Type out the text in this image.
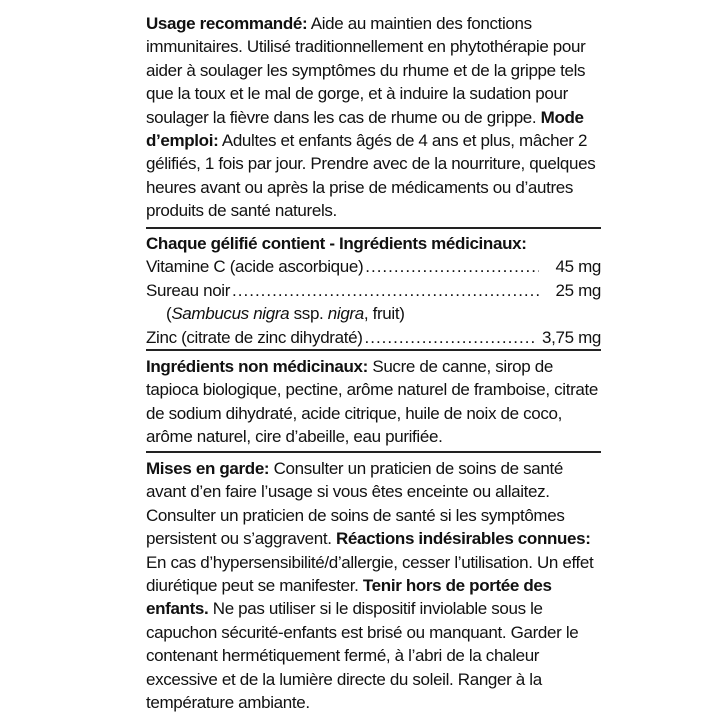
Usage recommandé: Aide au maintien des fonctions immunitaires. Utilisé traditionnellement en phytothérapie pour aider à soulager les symptômes du rhume et de la grippe tels que la toux et le mal de gorge, et à induire la sudation pour soulager la fièvre dans les cas de rhume ou de grippe. Mode d’emploi: Adultes et enfants âgés de 4 ans et plus, mâcher 2 gélifiés, 1 fois par jour. Prendre avec de la nourriture, quelques heures avant ou après la prise de médicaments ou d’autres produits de santé naturels.
Chaque gélifié contient - Ingrédients médicinaux:
Vitamine C (acide ascorbique) .....	45 mg
Sureau noir .....	25 mg
(Sambucus nigra ssp. nigra, fruit)
Zinc (citrate de zinc dihydraté) .....	3,75 mg
Ingrédients non médicinaux: Sucre de canne, sirop de tapioca biologique, pectine, arôme naturel de framboise, citrate de sodium dihydraté, acide citrique, huile de noix de coco, arôme naturel, cire d’abeille, eau purifiée.
Mises en garde: Consulter un praticien de soins de santé avant d’en faire l’usage si vous êtes enceinte ou allaitez. Consulter un praticien de soins de santé si les symptômes persistent ou s’aggravent. Réactions indésirables connues: En cas d’hypersensibilité/d’allergie, cesser l’utilisation. Un effet diurétique peut se manifester. Tenir hors de portée des enfants. Ne pas utiliser si le dispositif inviolable sous le capuchon sécurité-enfants est brisé ou manquant. Garder le contenant hermétiquement fermé, à l’abri de la chaleur excessive et de la lumière directe du soleil. Ranger à la température ambiante.
